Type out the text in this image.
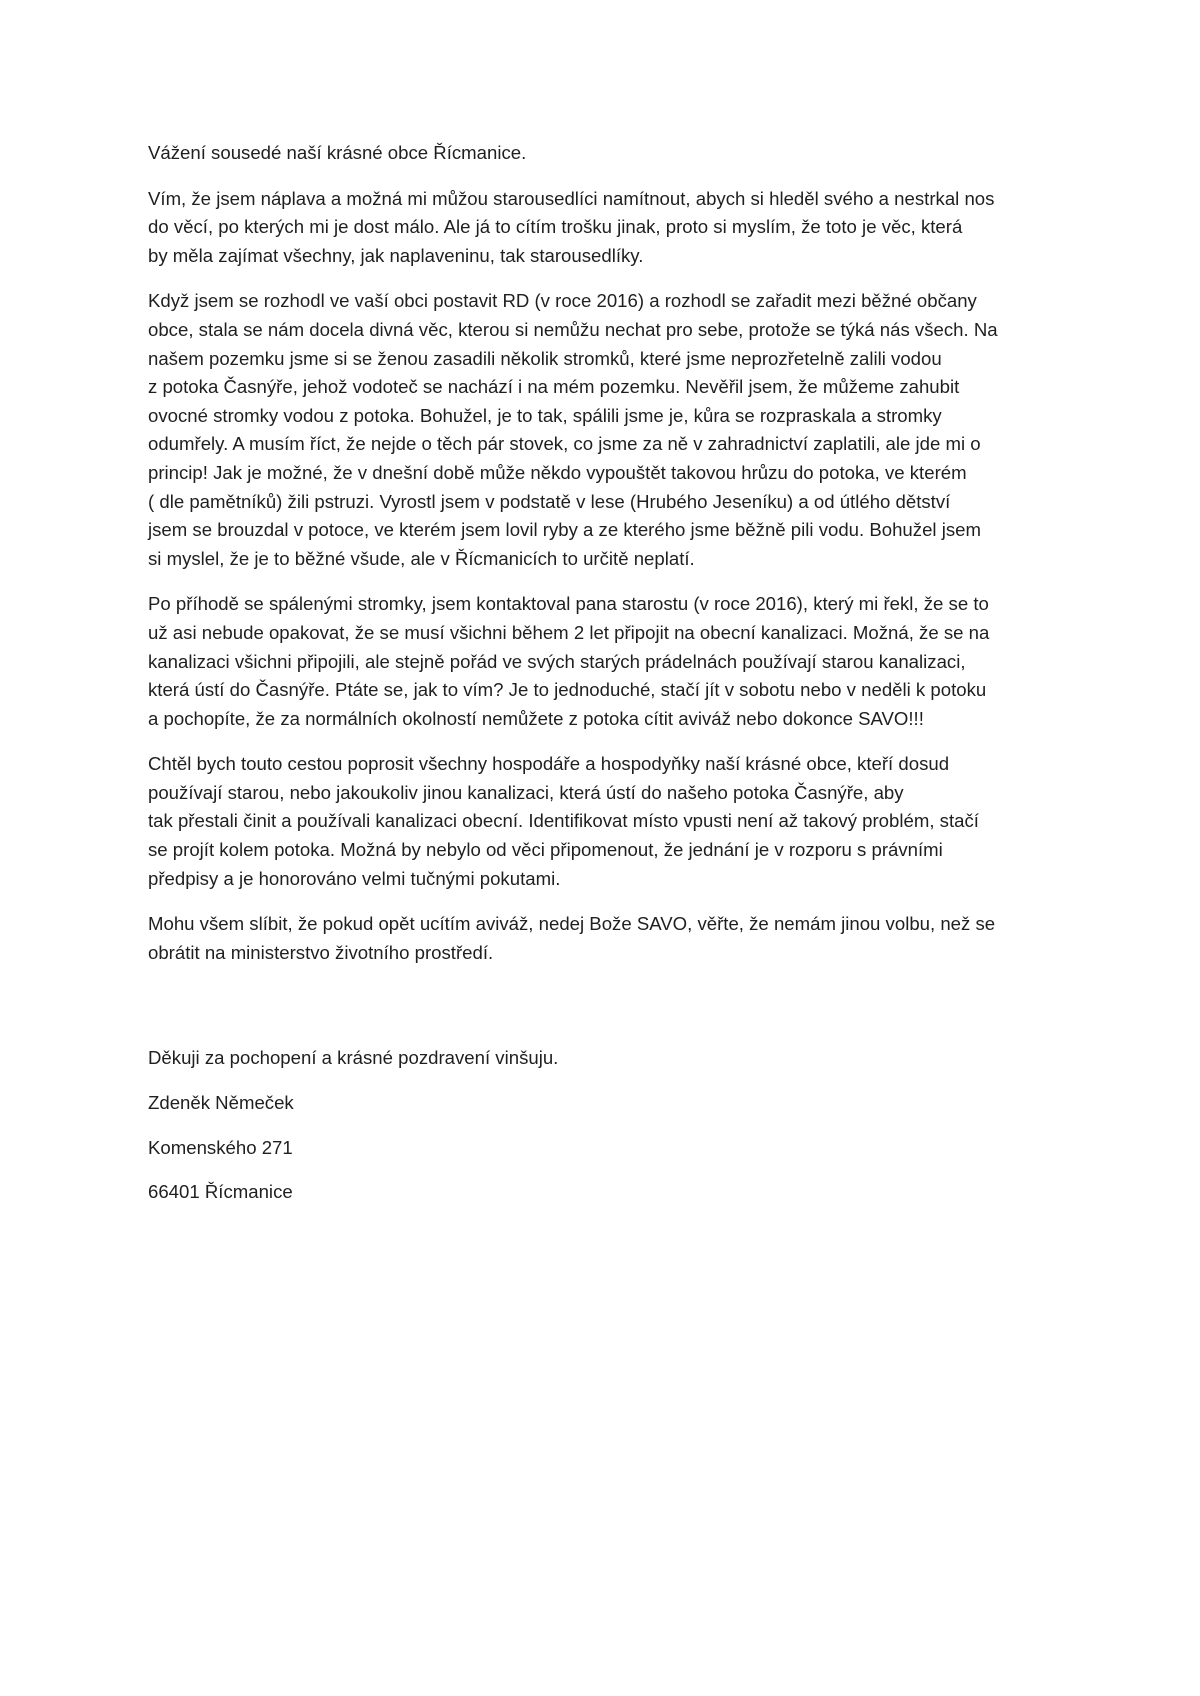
Vážení sousedé naší krásné obce Řícmanice.

Vím, že jsem náplava a možná mi můžou starousedlíci namítnout, abych si hleděl svého a nestrkal nos
do věcí, po kterých mi je dost málo. Ale já to cítím trošku jinak, proto si myslím, že toto je věc, která
by měla zajímat všechny, jak naplaveninu, tak starousedlíky.

Když jsem se rozhodl ve vaší obci postavit RD (v roce 2016) a rozhodl se zařadit mezi běžné občany
obce, stala se nám docela divná věc, kterou si nemůžu nechat pro sebe, protože se týká nás všech. Na
našem pozemku jsme si se ženou zasadili několik stromků, které jsme neprozřetelně zalili vodou
z potoka Časnýře, jehož vodoteč se nachází i na mém pozemku. Nevěřil jsem, že můžeme zahubit
ovocné stromky vodou z potoka. Bohužel, je to tak, spálili jsme je, kůra se rozpraskala a stromky
odumřely. A musím říct, že nejde o těch pár stovek, co jsme za ně v zahradnictví zaplatili, ale jde mi o
princip! Jak je možné, že v dnešní době může někdo vypouštět takovou hrůzu do potoka, ve kterém
( dle pamětníků) žili pstruzi. Vyrostl jsem v podstatě v lese (Hrubého Jeseníku) a od útlého dětství
jsem se brouzdal v potoce, ve kterém jsem lovil ryby a ze kterého jsme běžně pili vodu. Bohužel jsem
si myslel, že je to běžné všude, ale v Řícmanicích to určitě neplatí.

Po příhodě se spálenými stromky, jsem kontaktoval pana starostu (v roce 2016), který mi řekl, že se to
už asi nebude opakovat, že se musí všichni během 2 let připojit na obecní kanalizaci. Možná, že se na
kanalizaci všichni připojili, ale stejně pořád ve svých starých prádelnách používají starou kanalizaci,
která ústí do Časnýře. Ptáte se, jak to vím? Je to jednoduché, stačí jít v sobotu nebo v neděli k potoku
a pochopíte, že za normálních okolností nemůžete z potoka cítit aviváž nebo dokonce SAVO!!!

Chtěl bych touto cestou poprosit všechny hospodáře a hospodyňky naší krásné obce, kteří dosud
používají starou, nebo jakoukoliv jinou kanalizaci, která ústí do našeho potoka Časnýře, aby
tak přestali činit a používali kanalizaci obecní. Identifikovat místo vpusti není až takový problém, stačí
se projít kolem potoka. Možná by nebylo od věci připomenout, že jednání je v rozporu s právními
předpisy a je honorováno velmi tučnými pokutami.

Mohu všem slíbit, že pokud opět ucítím aviváž, nedej Bože SAVO, věřte, že nemám jinou volbu, než se
obrátit na ministerstvo životního prostředí.

Děkuji za pochopení a krásné pozdravení vinšuju.

Zdeněk Němeček

Komenského 271

66401 Řícmanice
